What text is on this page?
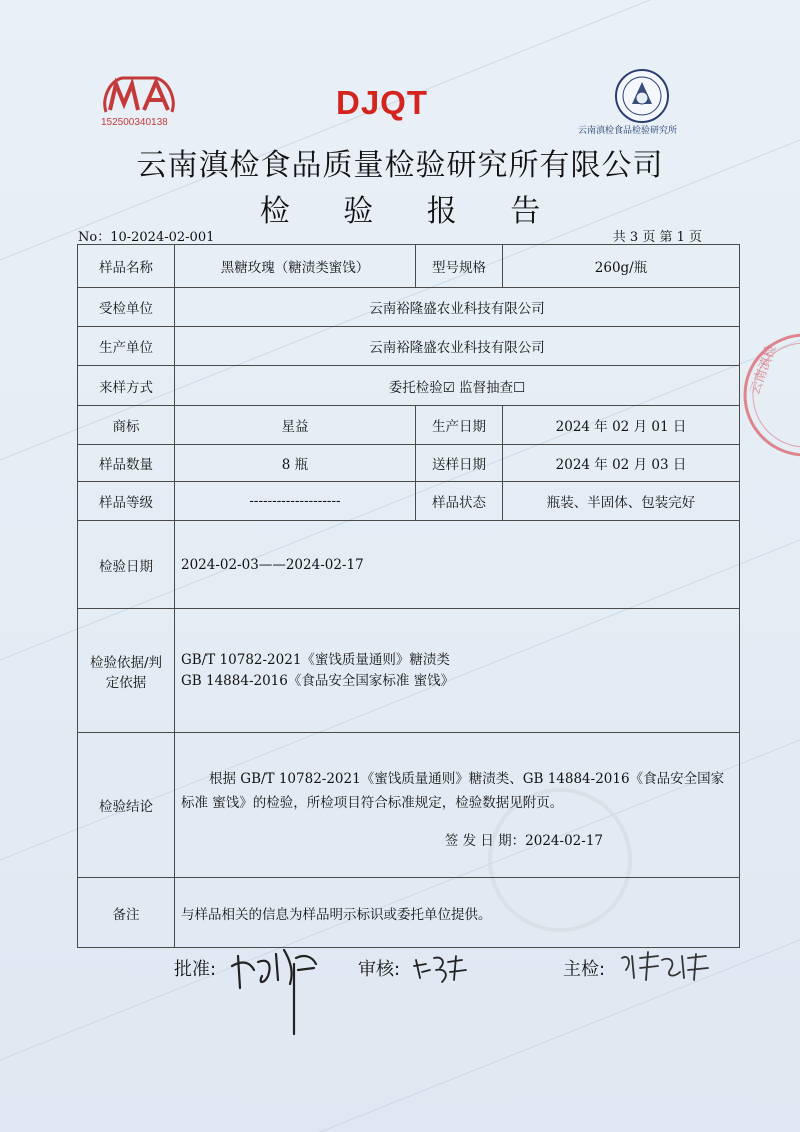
152500340138
DJQT
云南滇检食品检验研究所
云南滇检食品质量检验研究所有限公司
检 验 报 告
No：10-2024-02-001	共 3 页 第 1 页
云南滇检
样品名称	黑糖玫瑰（糖渍类蜜饯）	型号规格	260g/瓶
受检单位	云南裕隆盛农业科技有限公司		
生产单位	云南裕隆盛农业科技有限公司		
来样方式	委托检验☑ 监督抽查☐		
商标	星益	生产日期	2024 年 02 月 01 日
样品数量	8 瓶	送样日期	2024 年 02 月 03 日
样品等级	--------------------	样品状态	瓶装、半固体、包装完好
检验日期	2024-02-03——2024-02-17		
检验依据/判定依据	GB/T 10782-2021《蜜饯质量通则》糖渍类
GB 14884-2016《食品安全国家标准 蜜饯》		

检验结论	根据 GB/T 10782-2021《蜜饯质量通则》糖渍类、GB 14884-2016《食品安全国家标准 蜜饯》的检验，所检项目符合标准规定，检验数据见附页。

签 发 日 期：2024-02-17		

备注	与样品相关的信息为样品明示标识或委托单位提供。		
批准:	审核:	主检:
